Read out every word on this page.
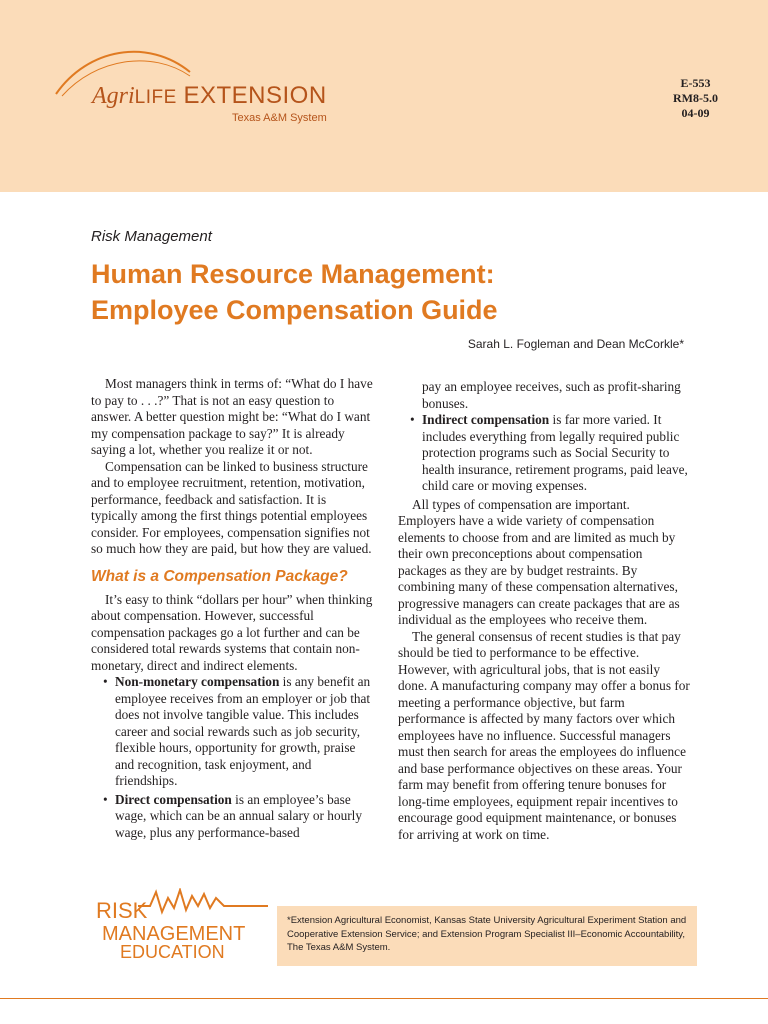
AgriLIFE EXTENSION
Texas A&M System
E-553
RM8-5.0
04-09
Risk Management
Human Resource Management:
Employee Compensation Guide
Sarah L. Fogleman and Dean McCorkle*

Most managers think in terms of: “What do I have to pay to . . .?” That is not an easy question to answer. A better question might be: “What do I want my compensation package to say?” It is already saying a lot, whether you realize it or not.

Compensation can be linked to business structure and to employee recruitment, retention, motivation, performance, feedback and satisfaction. It is typically among the first things potential employees consider. For employees, compensation signifies not so much how they are paid, but how they are valued.

What is a Compensation Package?

It’s easy to think “dollars per hour” when thinking about compensation. However, successful compensation packages go a lot further and can be considered total rewards systems that contain non-monetary, direct and indirect elements.

• Non-monetary compensation is any benefit an employee receives from an employer or job that does not involve tangible value. This includes career and social rewards such as job security, flexible hours, opportunity for growth, praise and recognition, task enjoyment, and friendships.
• Direct compensation is an employee’s base wage, which can be an annual salary or hourly wage, plus any performance-based
pay an employee receives, such as profit-sharing bonuses.
• Indirect compensation is far more varied. It includes everything from legally required public protection programs such as Social Security to health insurance, retirement programs, paid leave, child care or moving expenses.

All types of compensation are important. Employers have a wide variety of compensation elements to choose from and are limited as much by their own preconceptions about compensation packages as they are by budget restraints. By combining many of these compensation alternatives, progressive managers can create packages that are as individual as the employees who receive them.

The general consensus of recent studies is that pay should be tied to performance to be effective. However, with agricultural jobs, that is not easily done. A manufacturing company may offer a bonus for meeting a performance objective, but farm performance is affected by many factors over which employees have no influence. Successful managers must then search for areas the employees do influence and base performance objectives on these areas. Your farm may benefit from offering tenure bonuses for long-time employees, equipment repair incentives to encourage good equipment maintenance, or bonuses for arriving at work on time.

RISK
MANAGEMENT
EDUCATION
*Extension Agricultural Economist, Kansas State University Agricultural Experiment Station and Cooperative Extension Service; and Extension Program Specialist III–Economic Accountability, The Texas A&M System.
